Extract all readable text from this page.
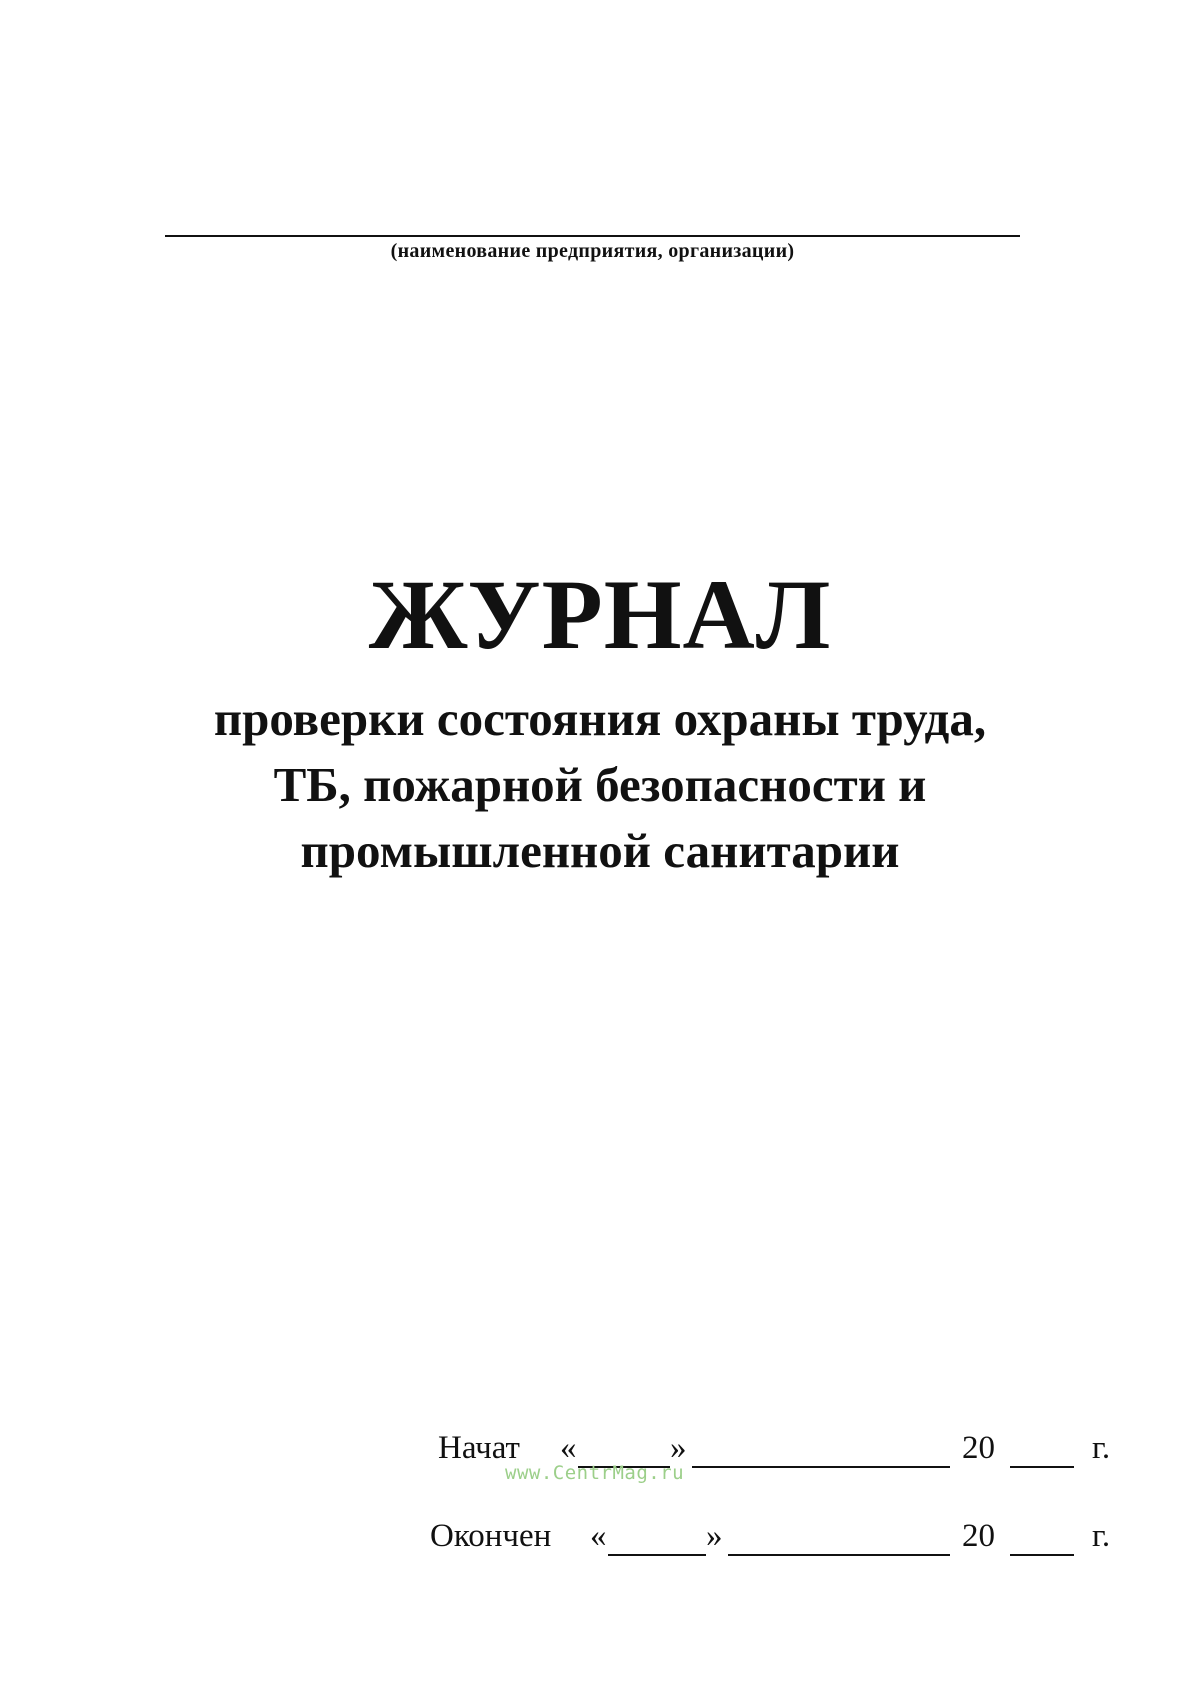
(наименование предприятия, организации)
ЖУРНАЛ
проверки состояния охраны труда,
ТБ, пожарной безопасности и
промышленной санитарии
Начат «	»	20	г.
Окончен «	»	20	г.
www.CentrMag.ru
